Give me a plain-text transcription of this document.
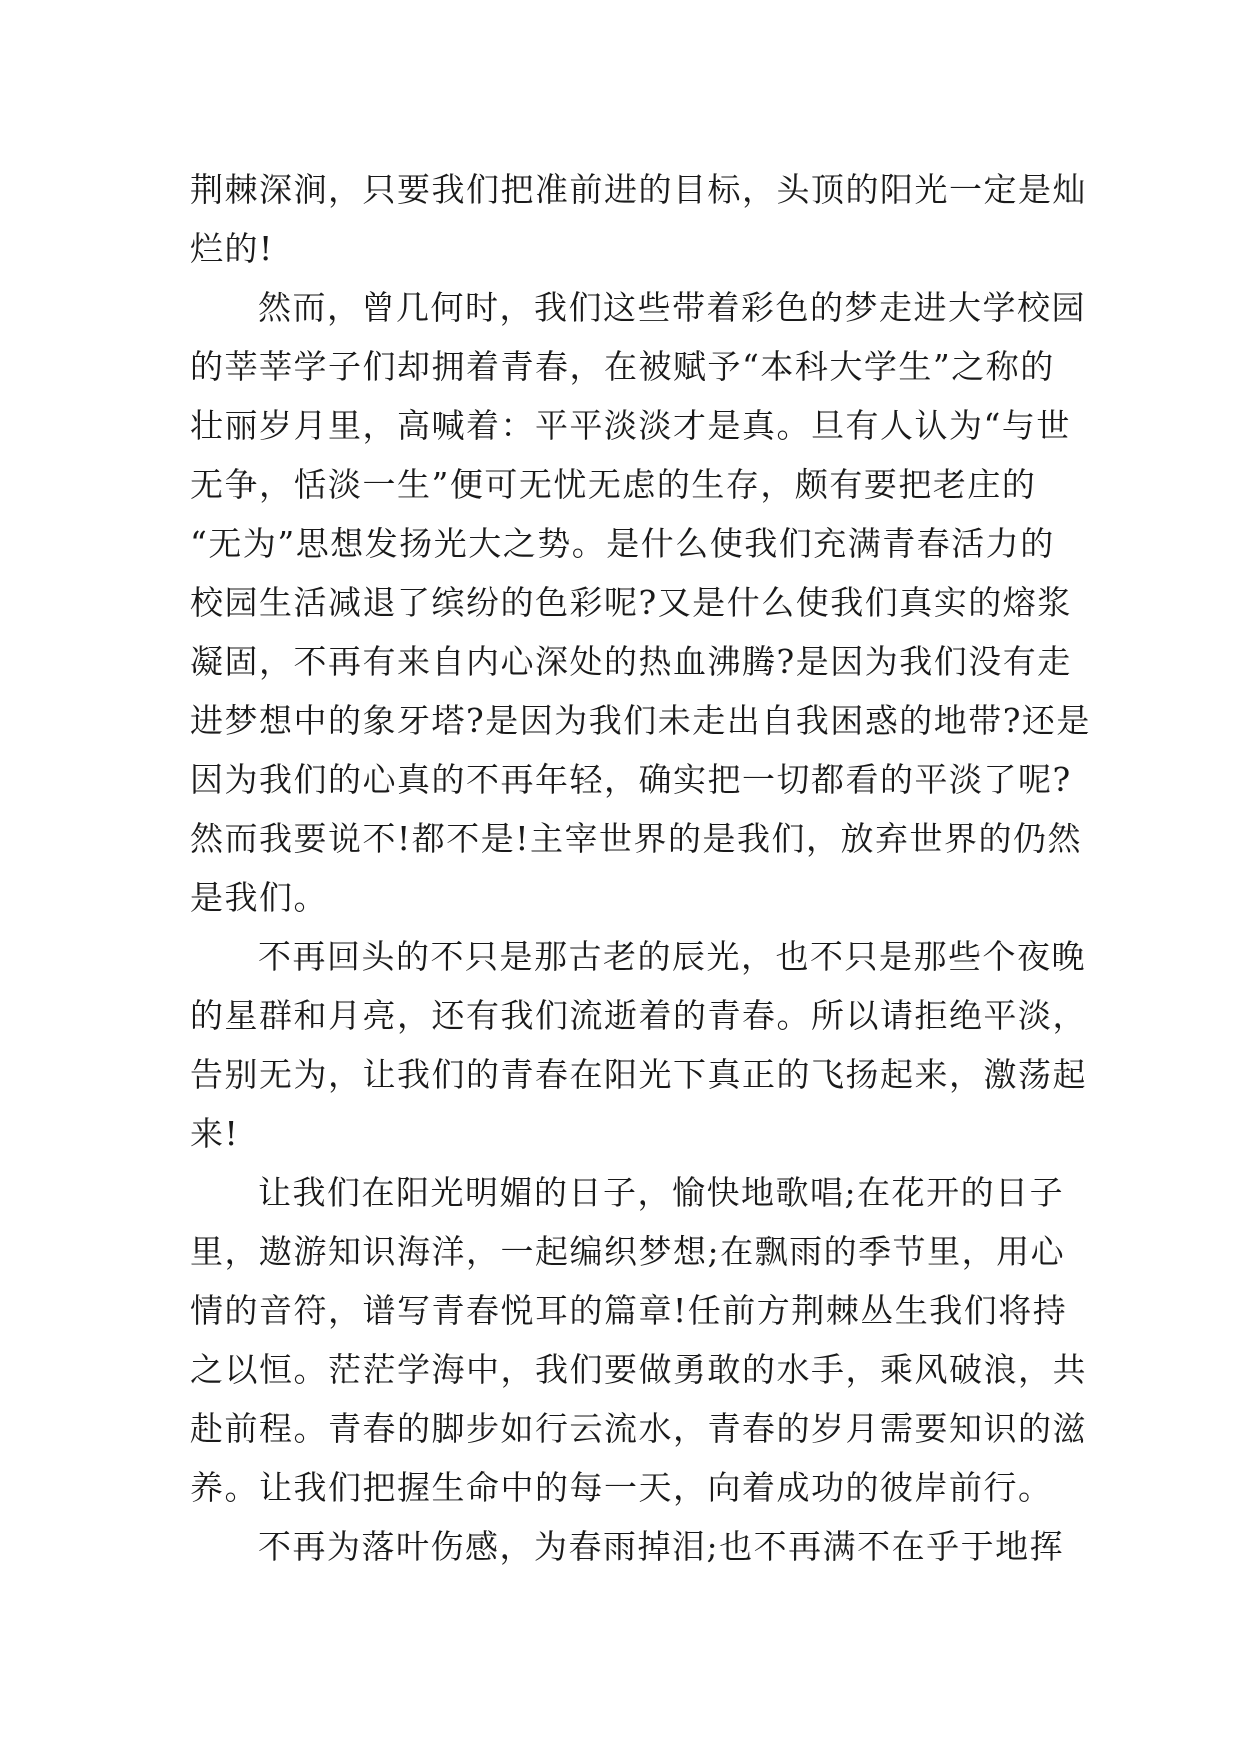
荆棘深涧，只要我们把准前进的目标，头顶的阳光一定是灿
烂的!
然而，曾几何时，我们这些带着彩色的梦走进大学校园
的莘莘学子们却拥着青春，在被赋予“本科大学生”之称的
壮丽岁月里，高喊着：平平淡淡才是真。旦有人认为“与世
无争，恬淡一生”便可无忧无虑的生存，颇有要把老庄的
“无为”思想发扬光大之势。是什么使我们充满青春活力的
校园生活减退了缤纷的色彩呢?又是什么使我们真实的熔浆
凝固，不再有来自内心深处的热血沸腾?是因为我们没有走
进梦想中的象牙塔?是因为我们未走出自我困惑的地带?还是
因为我们的心真的不再年轻，确实把一切都看的平淡了呢?
然而我要说不!都不是!主宰世界的是我们，放弃世界的仍然
是我们。
不再回头的不只是那古老的辰光，也不只是那些个夜晚
的星群和月亮，还有我们流逝着的青春。所以请拒绝平淡，
告别无为，让我们的青春在阳光下真正的飞扬起来，激荡起
来!
让我们在阳光明媚的日子，愉快地歌唱;在花开的日子
里，遨游知识海洋，一起编织梦想;在飘雨的季节里，用心
情的音符，谱写青春悦耳的篇章!任前方荆棘丛生我们将持
之以恒。茫茫学海中，我们要做勇敢的水手，乘风破浪，共
赴前程。青春的脚步如行云流水，青春的岁月需要知识的滋
养。让我们把握生命中的每一天，向着成功的彼岸前行。
不再为落叶伤感，为春雨掉泪;也不再满不在乎于地挥
